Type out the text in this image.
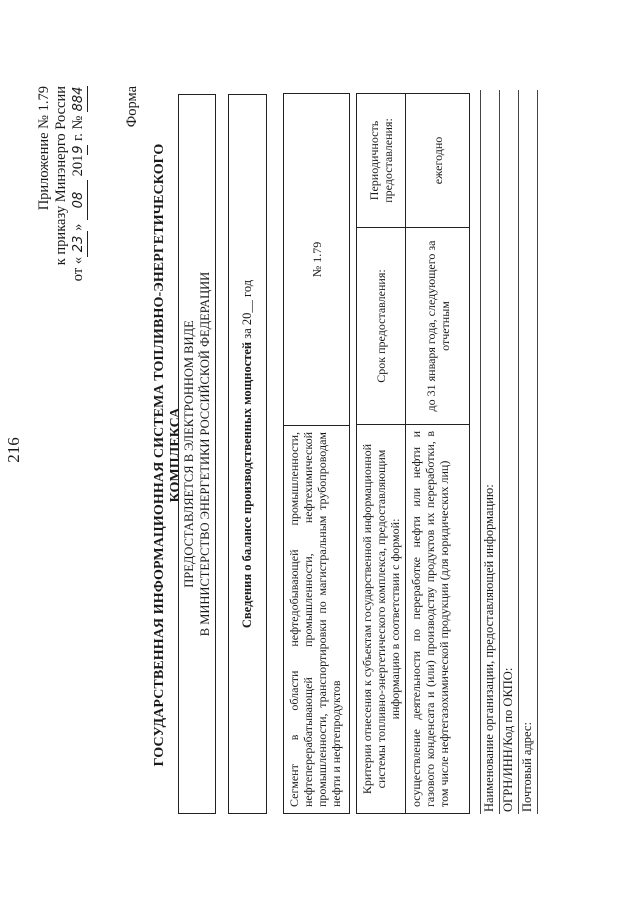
216
Приложение № 1.79 к приказу Минэнерго России
от «23» 08 2019 г. № 884	Форма
ГОСУДАРСТВЕННАЯ ИНФОРМАЦИОННАЯ СИСТЕМА ТОПЛИВНО-ЭНЕРГЕТИЧЕСКОГО КОМПЛЕКСА ПРЕДОСТАВЛЯЕТСЯ В ЭЛЕКТРОННОМ ВИДЕ В МИНИСТЕРСТВО ЭНЕРГЕТИКИ РОССИЙСКОЙ ФЕДЕРАЦИИ	Сведения о балансе производственных мощностей за 20__ год
Сегмент в области нефтедобывающей промышленности, нефтеперерабатывающей промышленности, нефтехимической промышленности, транспортировки по магистральным трубопроводам нефти и нефтепродуктов	№ 1.79
Критерии отнесения к субъектам государственной информационной системы топливно-энергетического комплекса, предоставляющим информацию в соответствии с формой:	Срок предоставления:	Периодичность предоставления:
осуществление деятельности по переработке нефти или нефти и газового конденсата и (или) производству продуктов их переработки, в том числе нефтегазохимической продукции (для юридических лиц)	до 31 января года, следующего за отчетным	ежегодно
Наименование организации, предоставляющей информацию: ОГРН/ИНН/Код по ОКПО: Почтовый адрес:
